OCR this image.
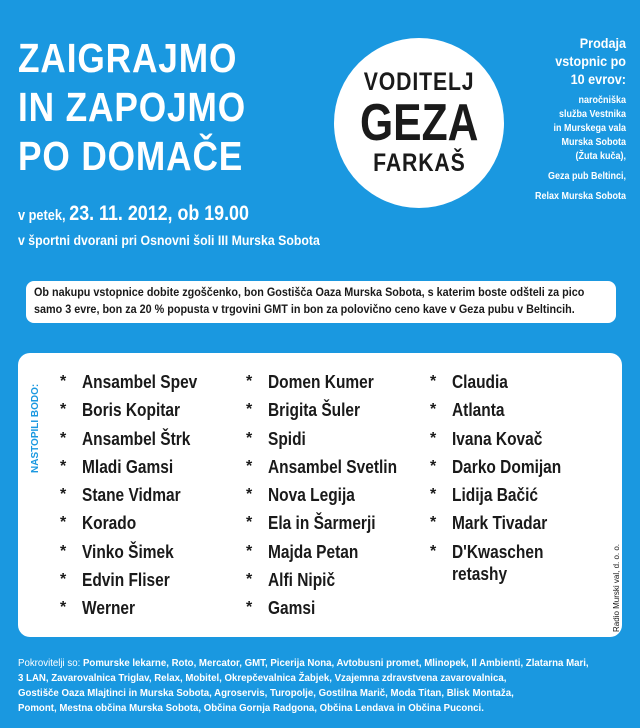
ZAIGRAJMO
IN ZAPOJMO
PO DOMAČE
VODITELJ
GEZA
FARKAŠ
Prodaja
vstopnic po
10 evrov:
naročniška
služba Vestnika
in Murskega vala
Murska Sobota
(Žuta kuča),
Geza pub Beltinci,
Relax Murska Sobota
v petek, 23. 11. 2012, ob 19.00
v športni dvorani pri Osnovni šoli III Murska Sobota
Ob nakupu vstopnice dobite zgoščenko, bon Gostišča Oaza Murska Sobota, s katerim boste odšteli za pico
samo 3 evre, bon za 20 % popusta v trgovini GMT in bon za polovično ceno kave v Geza pubu v Beltincih.
NASTOPILI BODO:
* Ansambel Spev
* Boris Kopitar
* Ansambel Štrk
* Mladi Gamsi
* Stane Vidmar
* Korado
* Vinko Šimek
* Edvin Fliser
* Werner
* Domen Kumer
* Brigita Šuler
* Spidi
* Ansambel Svetlin
* Nova Legija
* Ela in Šarmerji
* Majda Petan
* Alfi Nipič
* Gamsi
* Claudia
* Atlanta
* Ivana Kovač
* Darko Domijan
* Lidija Bačić
* Mark Tivadar
* D'Kwaschen retashy	Radio Murski val, d. o. o.
Pokrovitelji so: Pomurske lekarne, Roto, Mercator, GMT, Picerija Nona, Avtobusni promet, Mlinopek, Il Ambienti, Zlatarna Mari,
3 LAN, Zavarovalnica Triglav, Relax, Mobitel, Okrepčevalnica Žabjek, Vzajemna zdravstvena zavarovalnica,
Gostišče Oaza Mlajtinci in Murska Sobota, Agroservis, Turopolje, Gostilna Marič, Moda Titan, Blisk Montaža,
Pomont, Mestna občina Murska Sobota, Občina Gornja Radgona, Občina Lendava in Občina Puconci.
